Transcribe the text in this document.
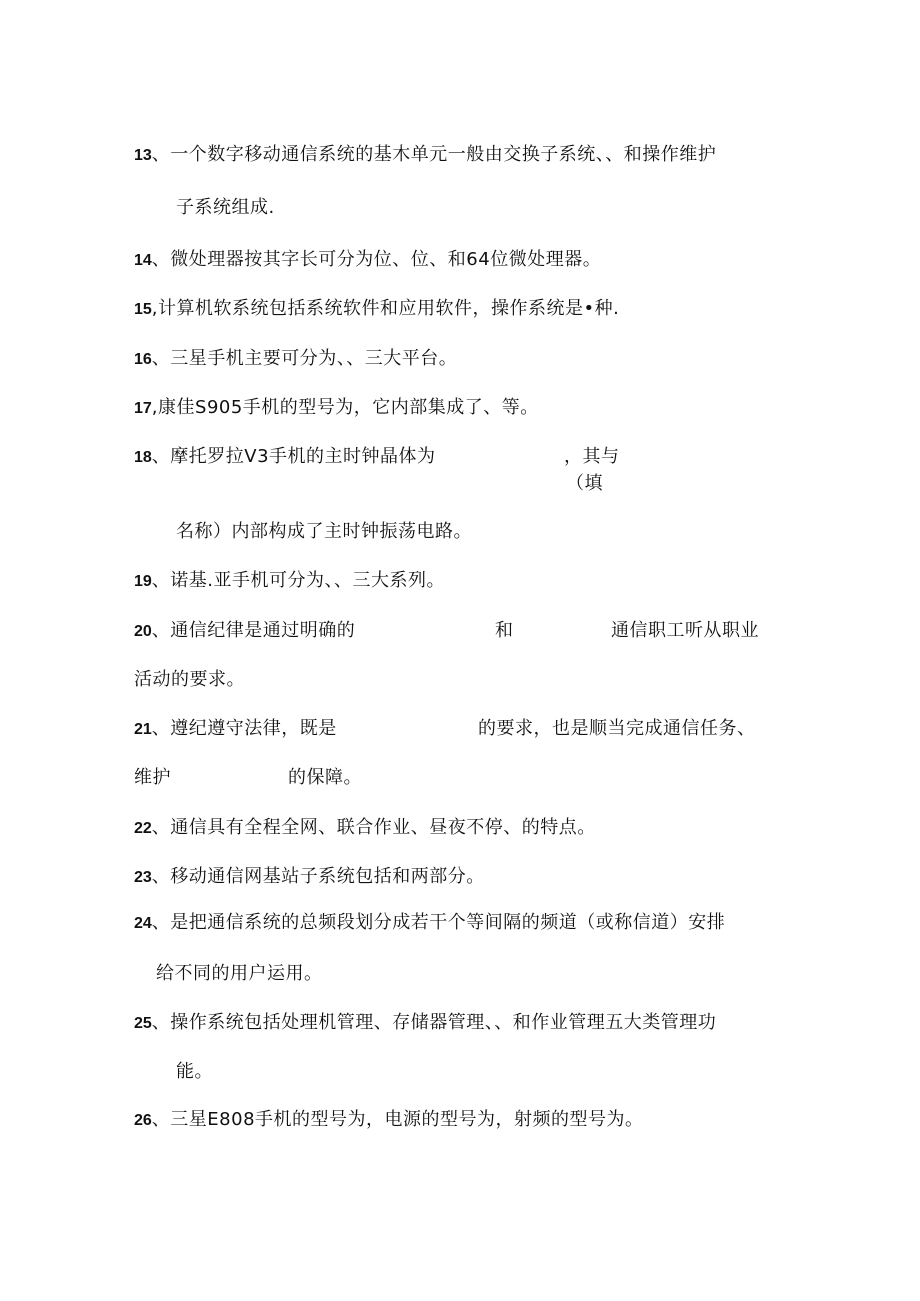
13、一个数字移动通信系统的基木单元一般由交换子系统、、和操作维护
子系统组成.
14、微处理器按其字长可分为位、位、和64位微处理器。
15,计算机软系统包括系统软件和应用软件，操作系统是•种.
16、三星手机主要可分为、、三大平台。
17,康佳S905手机的型号为，它内部集成了、等。
18、摩托罗拉V3手机的主时钟晶体为	，其与
（填
名称）内部构成了主时钟振荡电路。
19、诺基.亚手机可分为、、三大系列。
20、通信纪律是通过明确的	和	通信职工听从职业
活动的要求。
21、遵纪遵守法律，既是	的要求，也是顺当完成通信任务、
维护	的保障。
22、通信具有全程全网、联合作业、昼夜不停、的特点。
23、移动通信网基站子系统包括和两部分。
24、是把通信系统的总频段划分成若干个等间隔的频道（或称信道）安排
给不同的用户运用。
25、操作系统包括处理机管理、存储器管理、、和作业管理五大类管理功
能。
26、三星E808手机的型号为，电源的型号为，射频的型号为。
